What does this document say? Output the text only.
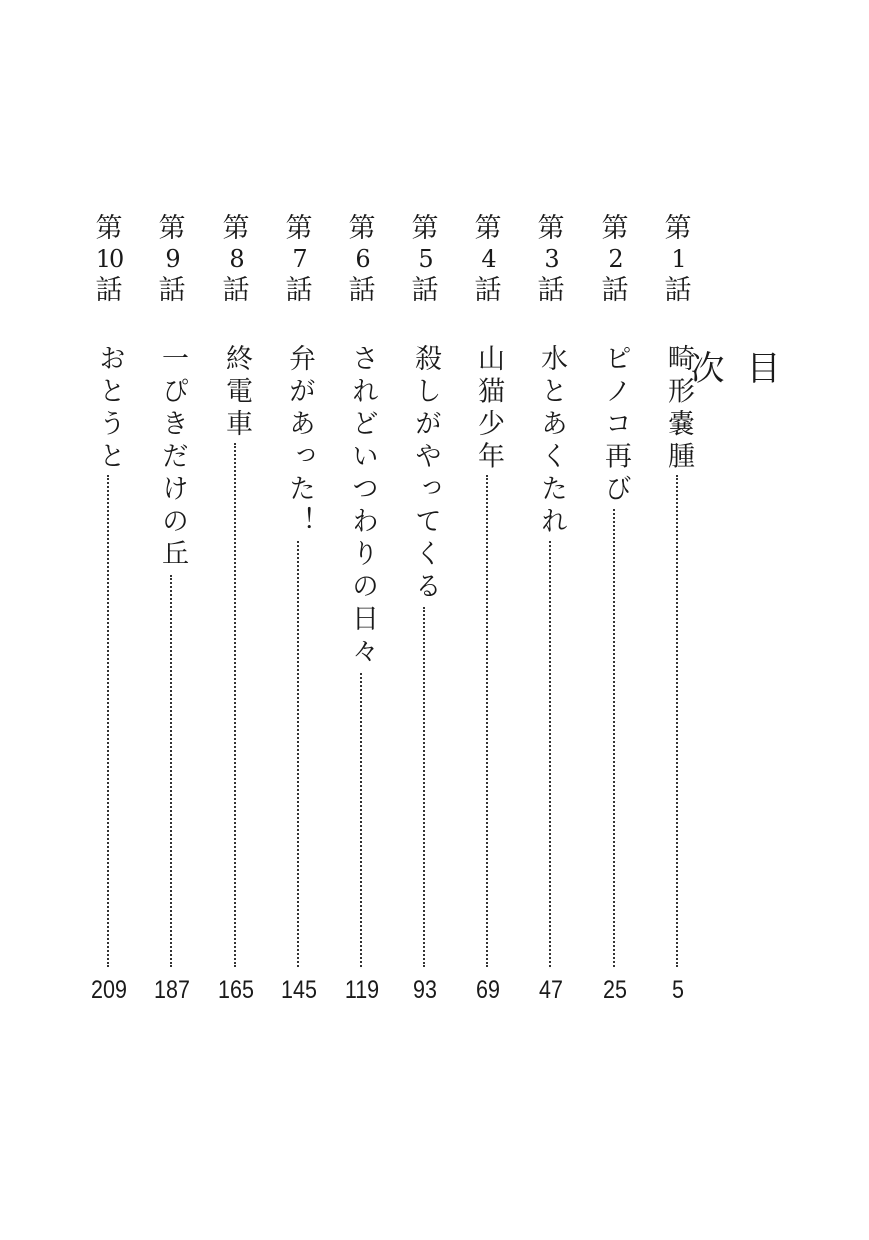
目 次
第
1
話
畸形嚢腫
5
第
2
話
ピノコ再び
25
第
3
話
水とあくたれ
47
第
4
話
山猫少年
69
第
5
話
殺しがやってくる
93
第
6
話
されどいつわりの日々
119
第
7
話
弁があった！
145
第
8
話
終電車
165
第
9
話
一ぴきだけの丘
187
第
10
話
おとうと
209
